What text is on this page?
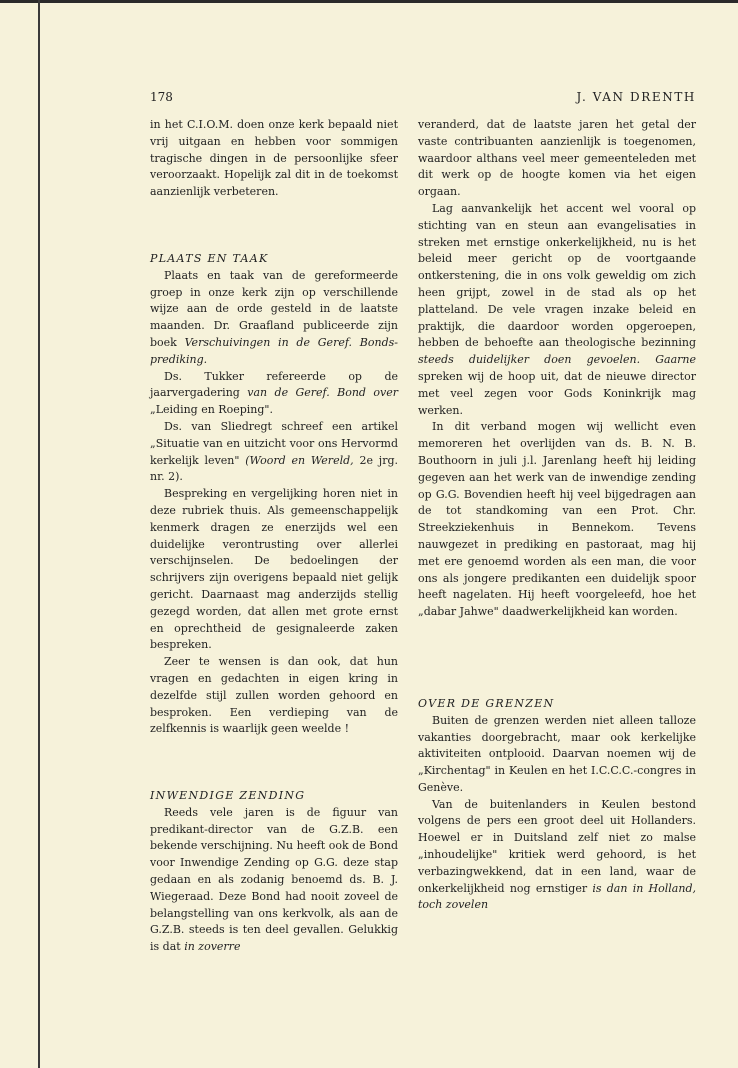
178	J. VAN DRENTH

in het C.I.O.M. doen onze kerk bepaald niet vrij uitgaan en hebben voor sommigen tragische dingen in de persoonlijke sfeer veroorzaakt. Hopelijk zal dit in de toekomst aanzienlijk verbeteren.

PLAATS EN TAAK

Plaats en taak van de gereformeerde groep in onze kerk zijn op verschillende wijze aan de orde gesteld in de laatste maanden. Dr. Graafland publiceerde zijn boek Verschuivingen in de Geref. Bonds-prediking.

Ds. Tukker refereerde op de jaarvergadering van de Geref. Bond over „Leiding en Roeping".

Ds. van Sliedregt schreef een artikel „Situatie van en uitzicht voor ons Hervormd kerkelijk leven" (Woord en Wereld, 2e jrg. nr. 2).

Bespreking en vergelijking horen niet in deze rubriek thuis. Als gemeenschappelijk kenmerk dragen ze enerzijds wel een duidelijke verontrusting over allerlei verschijnselen. De bedoelingen der schrijvers zijn overigens bepaald niet gelijk gericht. Daarnaast mag anderzijds stellig gezegd worden, dat allen met grote ernst en oprechtheid de gesignaleerde zaken bespreken.

Zeer te wensen is dan ook, dat hun vragen en gedachten in eigen kring in dezelfde stijl zullen worden gehoord en besproken. Een verdieping van de zelfkennis is waarlijk geen weelde !

INWENDIGE ZENDING

Reeds vele jaren is de figuur van predikant-director van de G.Z.B. een bekende verschijning. Nu heeft ook de Bond voor Inwendige Zending op G.G. deze stap gedaan en als zodanig benoemd ds. B. J. Wiegeraad. Deze Bond had nooit zoveel de belangstelling van ons kerkvolk, als aan de G.Z.B. steeds is ten deel gevallen. Gelukkig is dat in zoverre

veranderd, dat de laatste jaren het getal der vaste contribuanten aanzienlijk is toegenomen, waardoor althans veel meer gemeenteleden met dit werk op de hoogte komen via het eigen orgaan.

Lag aanvankelijk het accent wel vooral op stichting van en steun aan evangelisaties in streken met ernstige onkerkelijkheid, nu is het beleid meer gericht op de voortgaande ontkerstening, die in ons volk geweldig om zich heen grijpt, zowel in de stad als op het platteland. De vele vragen inzake beleid en praktijk, die daardoor worden opgeroepen, hebben de behoefte aan theologische bezinning steeds duidelijker doen gevoelen. Gaarne spreken wij de hoop uit, dat de nieuwe director met veel zegen voor Gods Koninkrijk mag werken.

In dit verband mogen wij wellicht even memoreren het overlijden van ds. B. N. B. Bouthoorn in juli j.l. Jarenlang heeft hij leiding gegeven aan het werk van de inwendige zending op G.G. Bovendien heeft hij veel bijgedragen aan de tot standkoming van een Prot. Chr. Streekziekenhuis in Bennekom. Tevens nauwgezet in prediking en pastoraat, mag hij met ere genoemd worden als een man, die voor ons als jongere predikanten een duidelijk spoor heeft nagelaten. Hij heeft voorgeleefd, hoe het „dabar Jahwe" daadwerkelijkheid kan worden.

OVER DE GRENZEN

Buiten de grenzen werden niet alleen talloze vakanties doorgebracht, maar ook kerkelijke aktiviteiten ontplooid. Daarvan noemen wij de „Kirchentag" in Keulen en het I.C.C.C.-congres in Genève.

Van de buitenlanders in Keulen bestond volgens de pers een groot deel uit Hollanders. Hoewel er in Duitsland zelf niet zo malse „inhoudelijke" kritiek werd gehoord, is het verbazingwekkend, dat in een land, waar de onkerkelijkheid nog ernstiger is dan in Holland, toch zovelen
